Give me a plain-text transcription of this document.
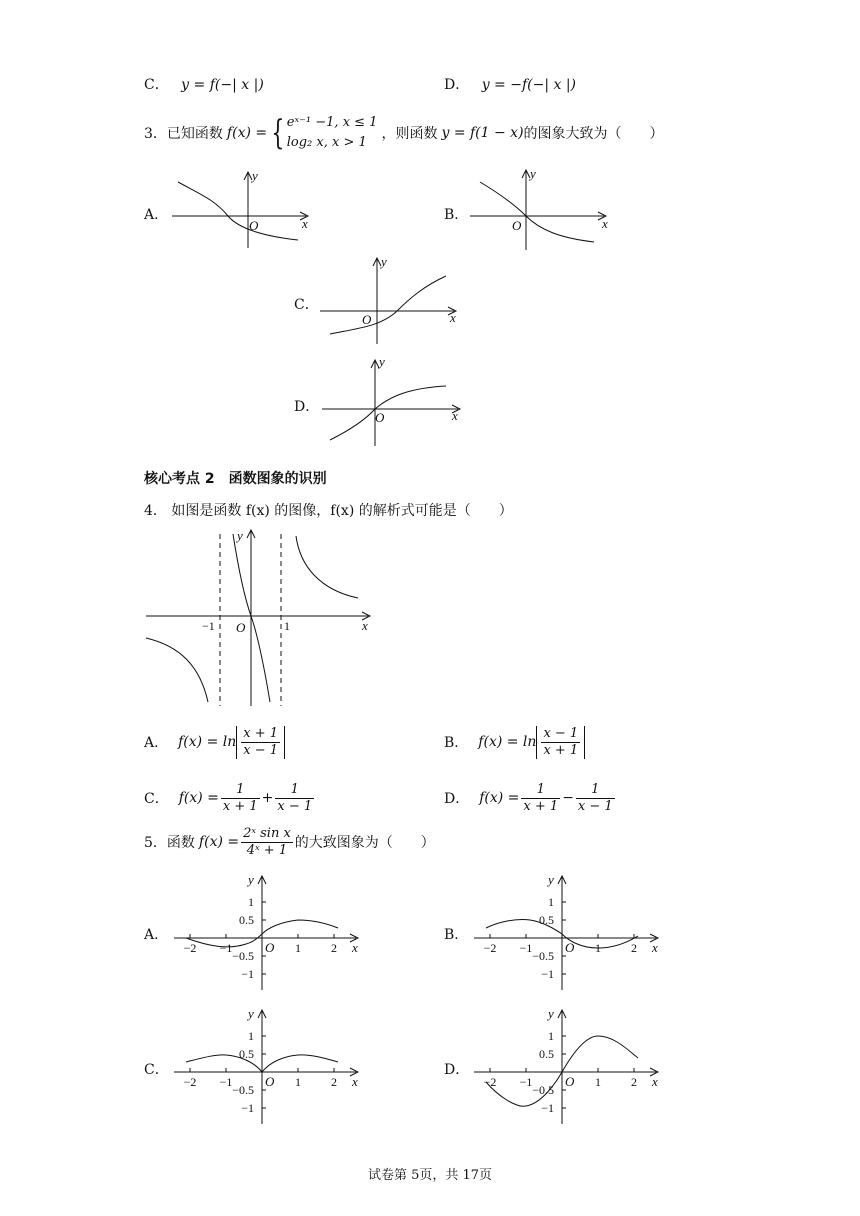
C． y = f(−| x |)	D． y = −f(−| x |)
3． 已知函数 f(x) = { eˣ⁻¹ −1, x ≤ 1
log₂ x, x > 1
，则函数 y = f(1 − x) 的图象大致为（　　）
A．	B．
C．
D．
y
x
O
y
x
O
y
x
O
y
x
O
核心考点 2　函数图象的识别
4． 如图是函数 f(x) 的图像，f(x) 的解析式可能是（　　）
−1	1
O	x
y
A． $f(x) = \ln \frac{x + 1}{x - 1}$	B． $f(x) = \ln \frac{x - 1}{x + 1}$
C． $f(x) = \frac{1}{x + 1} + \frac{1}{x - 1}$	D． $f(x) = \frac{1}{x + 1} - \frac{1}{x - 1}$
5． 函数 $f(x) = \frac{\text{2ˣ sin x}}{\text{4ˣ + 1}}$ 的大致图象为（　　）
A．	B．
C．	D．
1
0.5
−0.5
−1
−2 −1	1	2
O	x
y
1
0.5
−0.5
−1
−2 −1	1	2
O	x
y
1
0.5
−0.5
−1
−2 −1	1	2
O	x
y
1
0.5
−0.5
−1
−2 −1	1	2
O	x
y
试卷第 5页，共 17页
